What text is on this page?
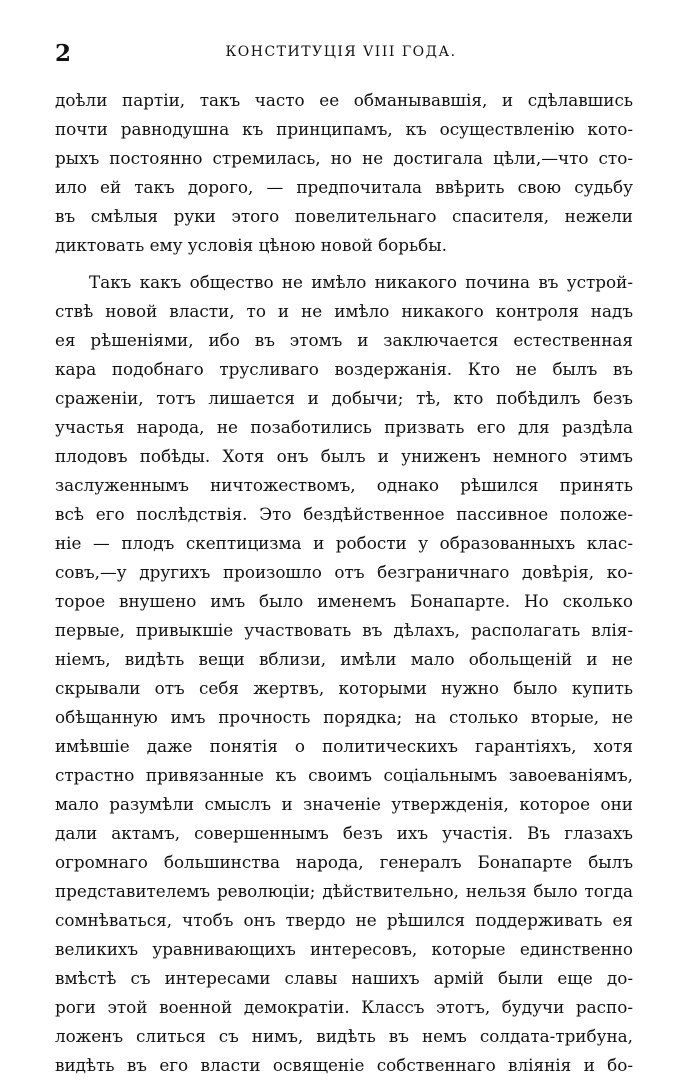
2	КОНСТИТУЦІЯ VIII ГОДА.
доѣли партіи, такъ часто ее обманывавшія, и сдѣлавшись
почти равнодушна къ принципамъ, къ осуществленію кото-
рыхъ постоянно стремилась, но не достигала цѣли,—что сто-
ило ей такъ дорого, — предпочитала ввѣрить свою судьбу
въ смѣлыя руки этого повелительнаго спасителя, нежели
диктовать ему условія цѣною новой борьбы.
Такъ какъ общество не имѣло никакого почина въ устрой-
ствѣ новой власти, то и не имѣло никакого контроля надъ
ея рѣшеніями, ибо въ этомъ и заключается естественная
кара подобнаго трусливаго воздержанія. Кто не былъ въ
сраженіи, тотъ лишается и добычи; тѣ, кто побѣдилъ безъ
участья народа, не позаботились призвать его для раздѣла
плодовъ побѣды. Хотя онъ былъ и униженъ немного этимъ
заслуженнымъ ничтожествомъ, однако рѣшился принять
всѣ его послѣдствія. Это бездѣйственное пассивное положе-
ніе — плодъ скептицизма и робости у образованныхъ клас-
совъ,—у другихъ произошло отъ безграничнаго довѣрія, ко-
торое внушено имъ было именемъ Бонапарте. Но сколько
первые, привыкшіе участвовать въ дѣлахъ, располагать влія-
ніемъ, видѣть вещи вблизи, имѣли мало обольщеній и не
скрывали отъ себя жертвъ, которыми нужно было купить
обѣщанную имъ прочность порядка; на столько вторые, не
имѣвшіе даже понятія о политическихъ гарантіяхъ, хотя
страстно привязанные къ своимъ соціальнымъ завоеваніямъ,
мало разумѣли смыслъ и значеніе утвержденія, которое они
дали актамъ, совершеннымъ безъ ихъ участія. Въ глазахъ
огромнаго большинства народа, генералъ Бонапарте былъ
представителемъ революціи; дѣйствительно, нельзя было тогда
сомнѣваться, чтобъ онъ твердо не рѣшился поддерживать ея
великихъ уравнивающихъ интересовъ, которые единственно
вмѣстѣ съ интересами славы нашихъ армій были еще до-
роги этой военной демократіи. Классъ этотъ, будучи распо-
ложенъ слиться съ нимъ, видѣть въ немъ солдата-трибуна,
видѣть въ его власти освященіе собственнаго вліянія и бо-
